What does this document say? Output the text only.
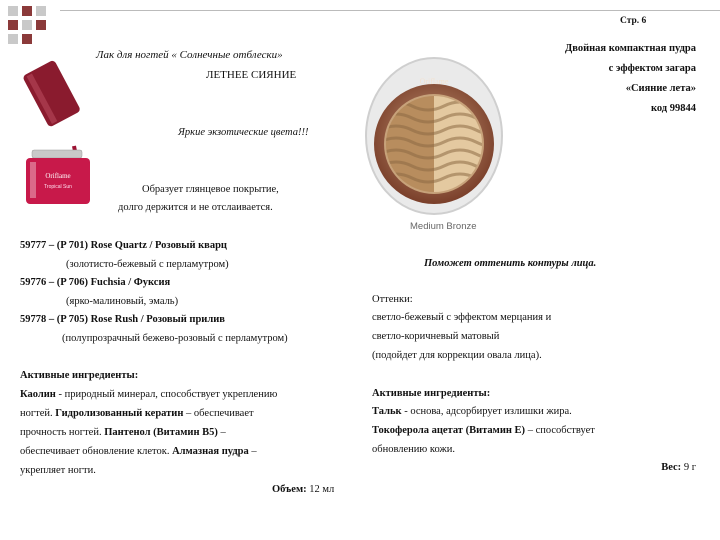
Стр. 6
Oriflame
Tropical Sun
Лак для ногтей « Солнечные отблески»
ЛЕТНЕЕ СИЯНИЕ
Яркие экзотические цвета!!!
Образует глянцевое покрытие,
долго держится и не отслаивается.
59777 – (P 701) Rose Quartz / Розовый кварц
(золотисто-бежевый с перламутром)
59776 – (P 706) Fuchsia / Фуксия
(ярко-малиновый, эмаль)
59778 – (P 705) Rose Rush / Розовый прилив
(полупрозрачный бежево-розовый с перламутром)
Активные ингредиенты:
Каолин - природный минерал, способствует укреплению
ногтей. Гидролизованный кератин – обеспечивает
прочность ногтей. Пантенол (Витамин В5) –
обеспечивает обновление клеток. Алмазная пудра –
укрепляет ногти.
Объем: 12 мл
Oriflame
Medium Bronze
Двойная компактная пудра
с эффектом загара
«Сияние лета»
код 99844
Поможет оттенить контуры лица.
Оттенки:
светло-бежевый с эффектом мерцания и
светло-коричневый матовый
(подойдет для коррекции овала лица).
Активные ингредиенты:
Тальк - основа, адсорбирует излишки жира.
Токоферола ацетат (Витамин Е) – способствует
обновлению кожи.
Вес: 9 г
